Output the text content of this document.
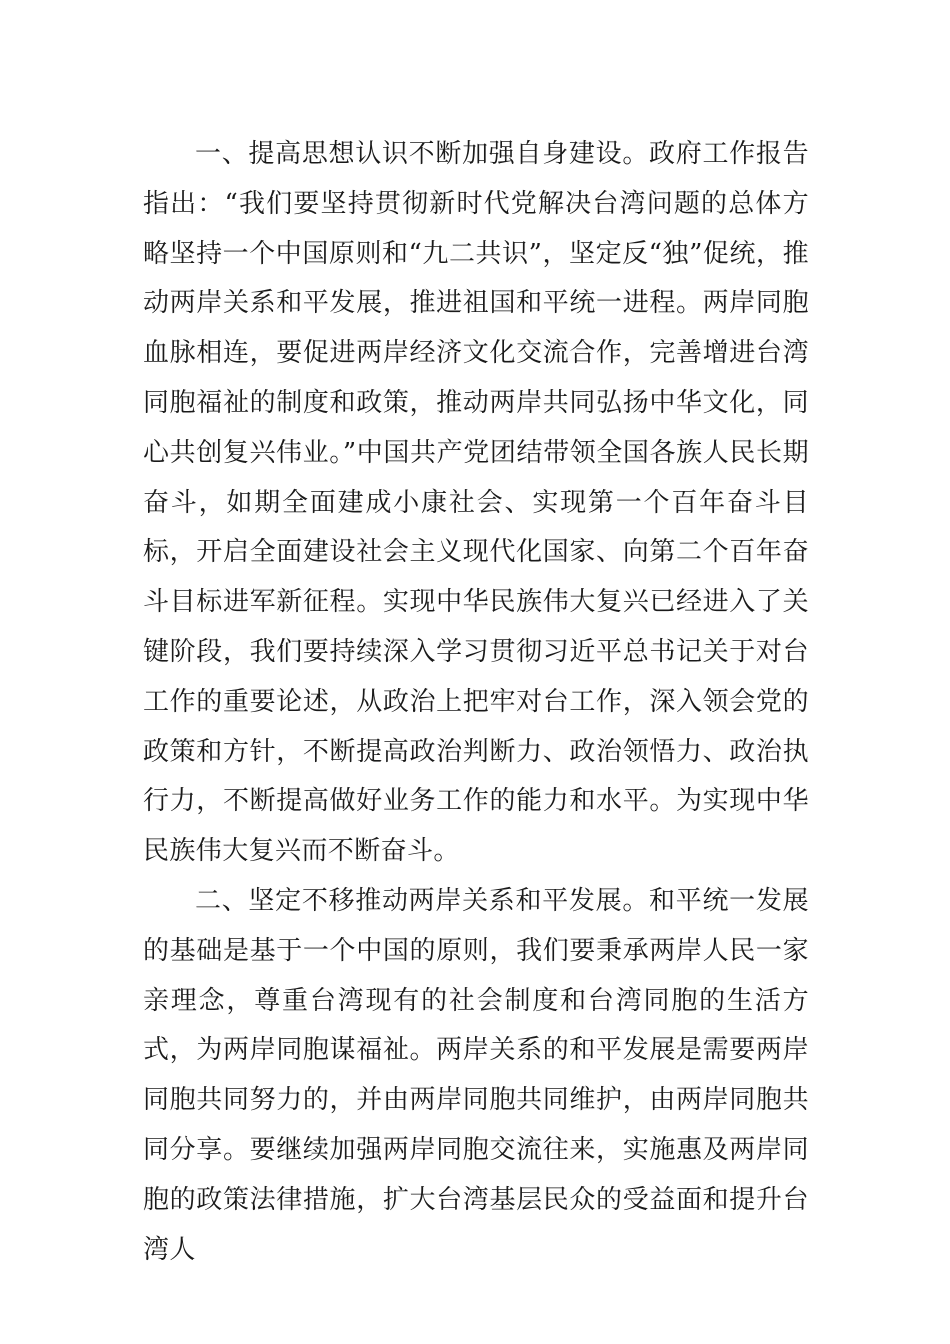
一、提高思想认识不断加强自身建设。政府工作报告指出：“我们要坚持贯彻新时代党解决台湾问题的总体方略坚持一个中国原则和“九二共识”，坚定反“独”促统，推动两岸关系和平发展，推进祖国和平统一进程。两岸同胞血脉相连，要促进两岸经济文化交流合作，完善增进台湾同胞福祉的制度和政策，推动两岸共同弘扬中华文化，同心共创复兴伟业。”中国共产党团结带领全国各族人民长期奋斗，如期全面建成小康社会、实现第一个百年奋斗目标，开启全面建设社会主义现代化国家、向第二个百年奋斗目标进军新征程。实现中华民族伟大复兴已经进入了关键阶段，我们要持续深入学习贯彻习近平总书记关于对台工作的重要论述，从政治上把牢对台工作，深入领会党的政策和方针，不断提高政治判断力、政治领悟力、政治执行力，不断提高做好业务工作的能力和水平。为实现中华民族伟大复兴而不断奋斗。

二、坚定不移推动两岸关系和平发展。和平统一发展的基础是基于一个中国的原则，我们要秉承两岸人民一家亲理念，尊重台湾现有的社会制度和台湾同胞的生活方式，为两岸同胞谋福祉。两岸关系的和平发展是需要两岸同胞共同努力的，并由两岸同胞共同维护，由两岸同胞共同分享。要继续加强两岸同胞交流往来，实施惠及两岸同胞的政策法律措施，扩大台湾基层民众的受益面和提升台湾人
